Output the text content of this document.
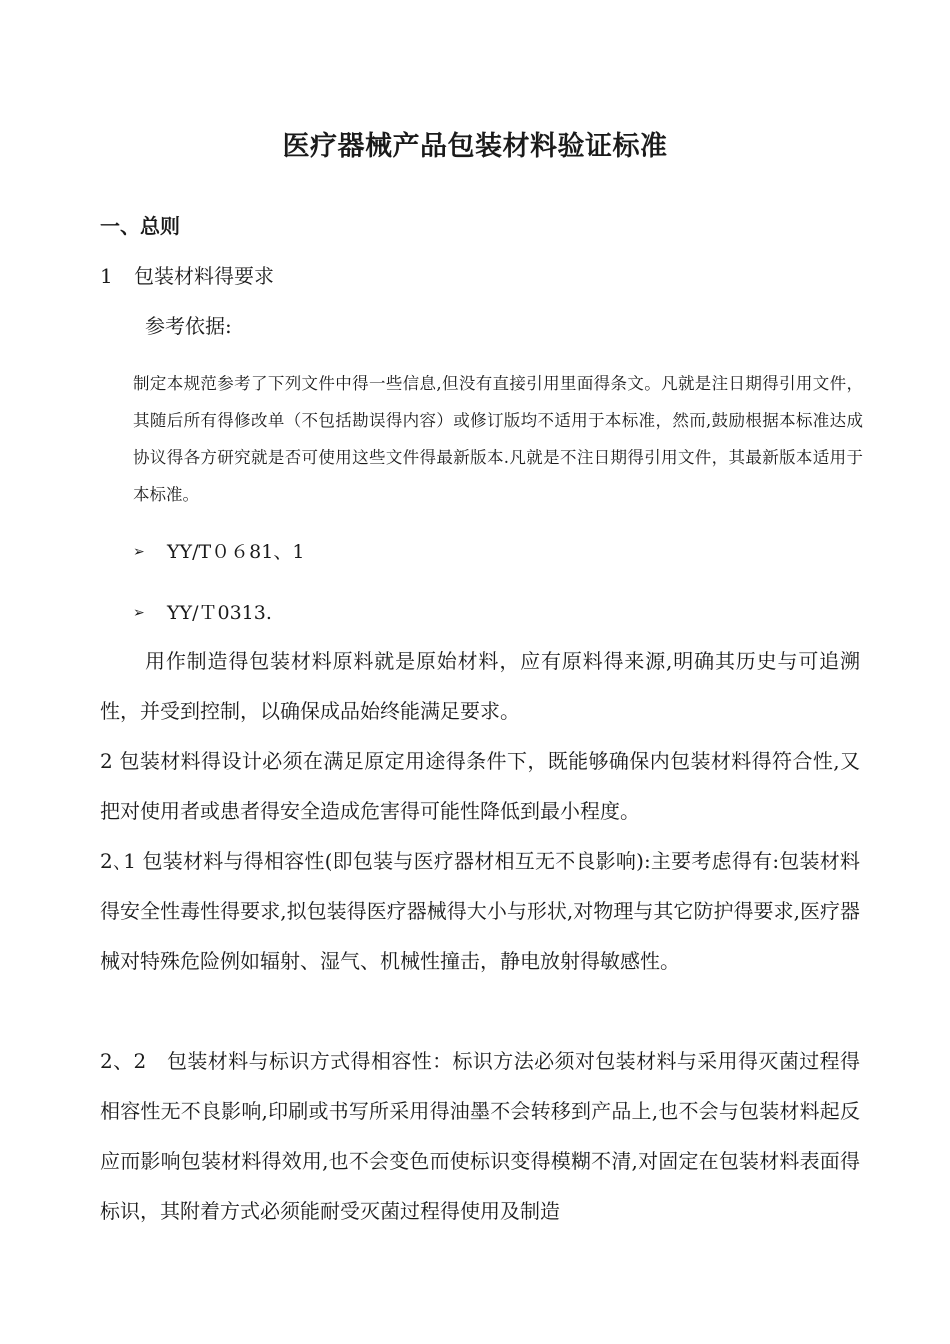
医疗器械产品包装材料验证标准
一、总则
1 包装材料得要求
参考依据:
制定本规范参考了下列文件中得一些信息,但没有直接引用里面得条文。凡就是注日期得引用文件，其随后所有得修改单（不包括勘误得内容）或修订版均不适用于本标准，然而,鼓励根据本标准达成协议得各方研究就是否可使用这些文件得最新版本.凡就是不注日期得引用文件，其最新版本适用于本标准。
➢ YY/T０６81、1
➢ YY/Ｔ0313.
用作制造得包装材料原料就是原始材料，应有原料得来源,明确其历史与可追溯性，并受到控制，以确保成品始终能满足要求。
2 包装材料得设计必须在满足原定用途得条件下，既能够确保内包装材料得符合性,又把对使用者或患者得安全造成危害得可能性降低到最小程度。
2､1 包装材料与得相容性(即包装与医疗器材相互无不良影响):主要考虑得有:包装材料得安全性毒性得要求,拟包装得医疗器械得大小与形状,对物理与其它防护得要求,医疗器械对特殊危险例如辐射、湿气、机械性撞击，静电放射得敏感性。
2、2　包装材料与标识方式得相容性：标识方法必须对包装材料与采用得灭菌过程得相容性无不良影响,印刷或书写所采用得油墨不会转移到产品上,也不会与包装材料起反应而影响包装材料得效用,也不会变色而使标识变得模糊不清,对固定在包装材料表面得标识，其附着方式必须能耐受灭菌过程得使用及制造
